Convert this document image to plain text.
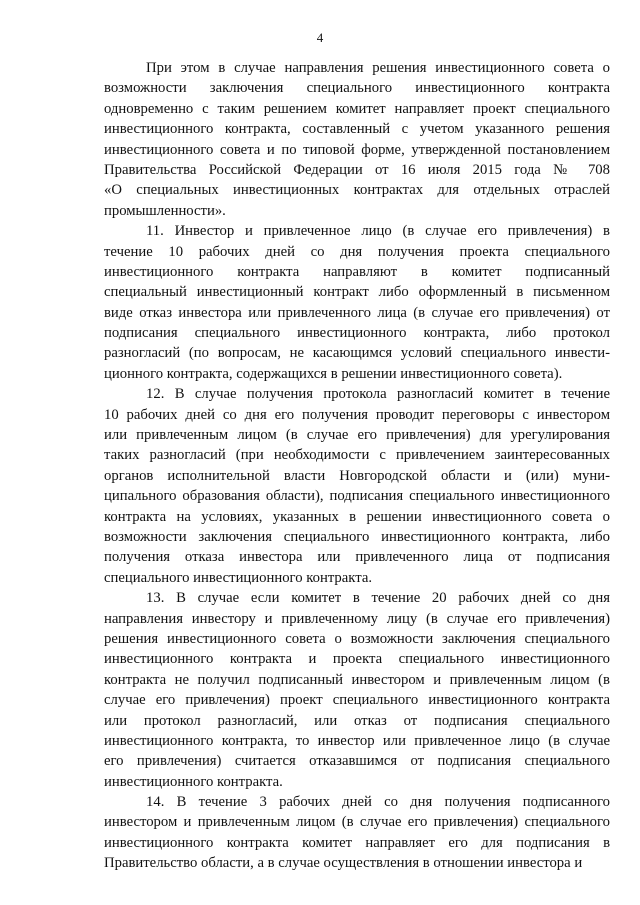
4
При этом в случае направления решения инвестиционного совета о
возможности заключения специального инвестиционного контракта
одновременно с таким решением комитет направляет проект специального
инвестиционного контракта, составленный с учетом указанного решения
инвестиционного совета и по типовой форме, утвержденной постановлением
Правительства Российской Федерации от 16 июля 2015 года № 708
«О специальных инвестиционных контрактах для отдельных отраслей
промышленности».
11. Инвестор и привлеченное лицо (в случае его привлечения) в
течение 10 рабочих дней со дня получения проекта специального
инвестиционного контракта направляют в комитет подписанный
специальный инвестиционный контракт либо оформленный в письменном
виде отказ инвестора или привлеченного лица (в случае его привлечения) от
подписания специального инвестиционного контракта, либо протокол
разногласий (по вопросам, не касающимся условий специального инвести-
ционного контракта, содержащихся в решении инвестиционного совета).
12. В случае получения протокола разногласий комитет в течение
10 рабочих дней со дня его получения проводит переговоры с инвестором
или привлеченным лицом (в случае его привлечения) для урегулирования
таких разногласий (при необходимости с привлечением заинтересованных
органов исполнительной власти Новгородской области и (или) муни-
ципального образования области), подписания специального инвестиционного
контракта на условиях, указанных в решении инвестиционного совета о
возможности заключения специального инвестиционного контракта, либо
получения отказа инвестора или привлеченного лица от подписания
специального инвестиционного контракта.
13. В случае если комитет в течение 20 рабочих дней со дня
направления инвестору и привлеченному лицу (в случае его привлечения)
решения инвестиционного совета о возможности заключения специального
инвестиционного контракта и проекта специального инвестиционного
контракта не получил подписанный инвестором и привлеченным лицом (в
случае его привлечения) проект специального инвестиционного контракта
или протокол разногласий, или отказ от подписания специального
инвестиционного контракта, то инвестор или привлеченное лицо (в случае
его привлечения) считается отказавшимся от подписания специального
инвестиционного контракта.
14. В течение 3 рабочих дней со дня получения подписанного
инвестором и привлеченным лицом (в случае его привлечения) специального
инвестиционного контракта комитет направляет его для подписания в
Правительство области, а в случае осуществления в отношении инвестора и
